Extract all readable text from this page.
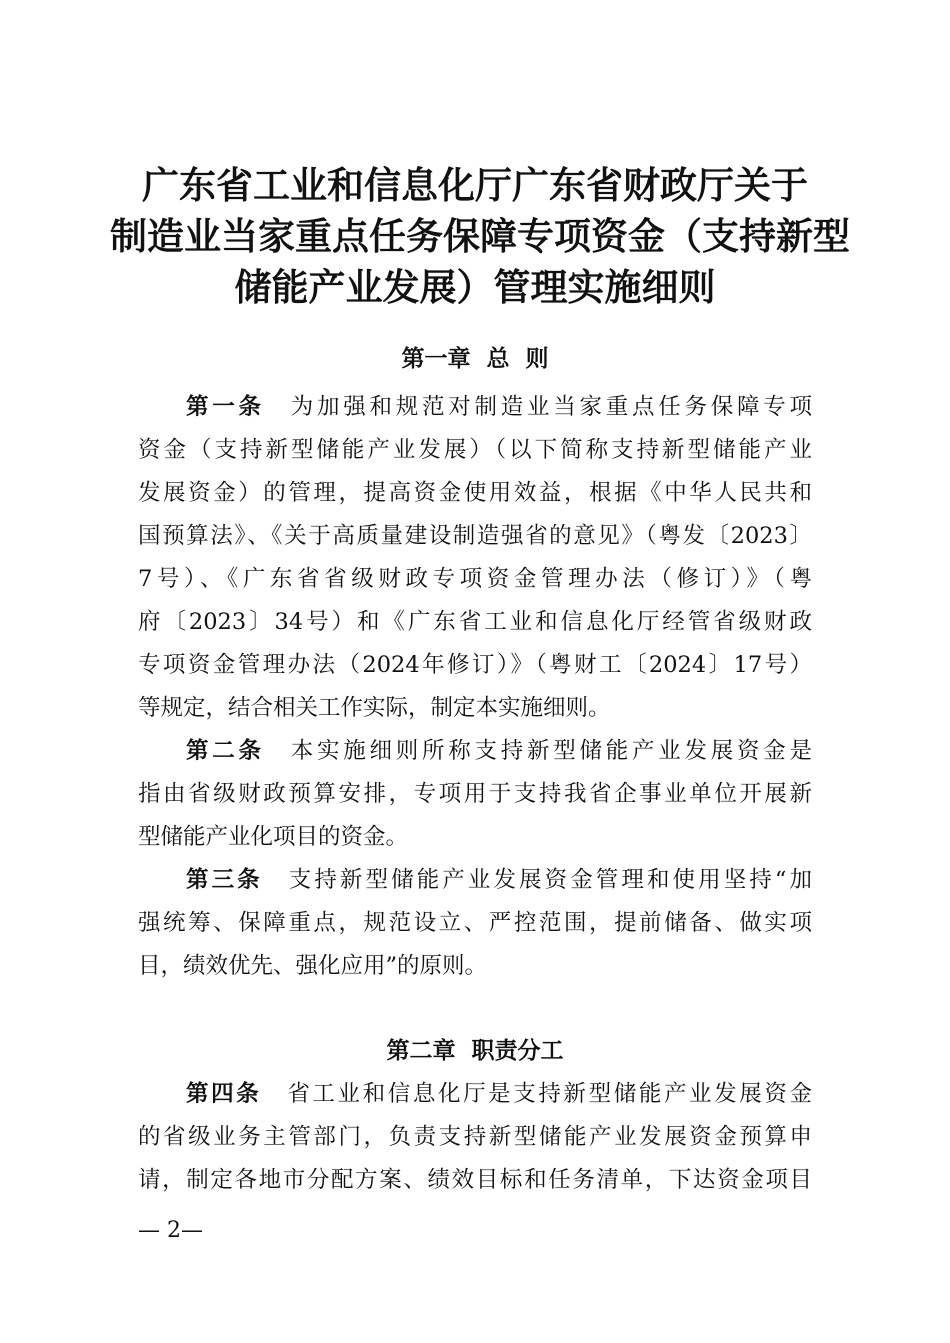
广东省工业和信息化厅广东省财政厅关于
制造业当家重点任务保障专项资金（支持新型
储能产业发展）管理实施细则
第一章  总  则
第一条 为加强和规范对制造业当家重点任务保障专项
资金（支持新型储能产业发展）（以下简称支持新型储能产业
发展资金）的管理，提高资金使用效益，根据《中华人民共和
国预算法》、《关于高质量建设制造强省的意见》（粤发〔2023〕
7号）、《广东省省级财政专项资金管理办法（修订）》（粤
府〔2023〕34号）和《广东省工业和信息化厅经管省级财政
专项资金管理办法（2024年修订）》（粤财工〔2024〕17号）
等规定，结合相关工作实际，制定本实施细则。
第二条 本实施细则所称支持新型储能产业发展资金是
指由省级财政预算安排，专项用于支持我省企事业单位开展新
型储能产业化项目的资金。
第三条 支持新型储能产业发展资金管理和使用坚持“加
强统筹、保障重点，规范设立、严控范围，提前储备、做实项
目，绩效优先、强化应用”的原则。
第二章  职责分工
第四条 省工业和信息化厅是支持新型储能产业发展资金
的省级业务主管部门，负责支持新型储能产业发展资金预算申
请，制定各地市分配方案、绩效目标和任务清单，下达资金项目
— 2—
